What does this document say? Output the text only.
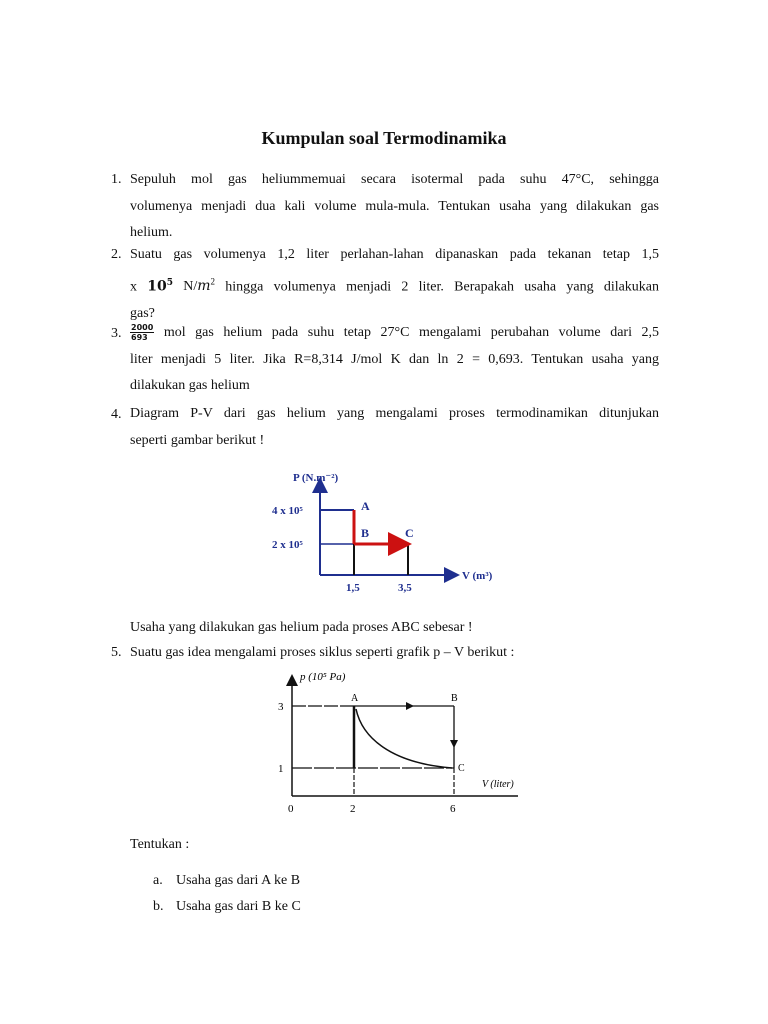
Kumpulan soal Termodinamika
1. Sepuluh mol gas heliummemuai secara isotermal pada suhu 47°C, sehingga
volumenya menjadi dua kali volume mula-mula. Tentukan usaha yang dilakukan gas
helium.
2. Suatu gas volumenya 1,2 liter perlahan-lahan dipanaskan pada tekanan tetap 1,5
x $10^5$ $N/m^2$ hingga volumenya menjadi 2 liter. Berapakah usaha yang dilakukan
gas?
3. $\frac{2000}{693}$ mol gas helium pada suhu tetap 27°C mengalami perubahan volume dari 2,5
liter menjadi 5 liter. Jika R=8,314 J/mol K dan ln 2 = 0,693. Tentukan usaha yang
dilakukan gas helium
4. Diagram P-V dari gas helium yang mengalami proses termodinamikan ditunjukan
seperti gambar berikut !
P (N.m⁻²)
V (m³)
4 x 10⁵
2 x 10⁵
1,5	3,5
A
B	C
Usaha yang dilakukan gas helium pada proses ABC sebesar !
5. Suatu gas idea mengalami proses siklus seperti grafik p – V berikut :
p (10⁵ Pa)
V (liter)
3
1
0	2	6
A	B
C
Tentukan :
a. Usaha gas dari A ke B
b. Usaha gas dari B ke C
